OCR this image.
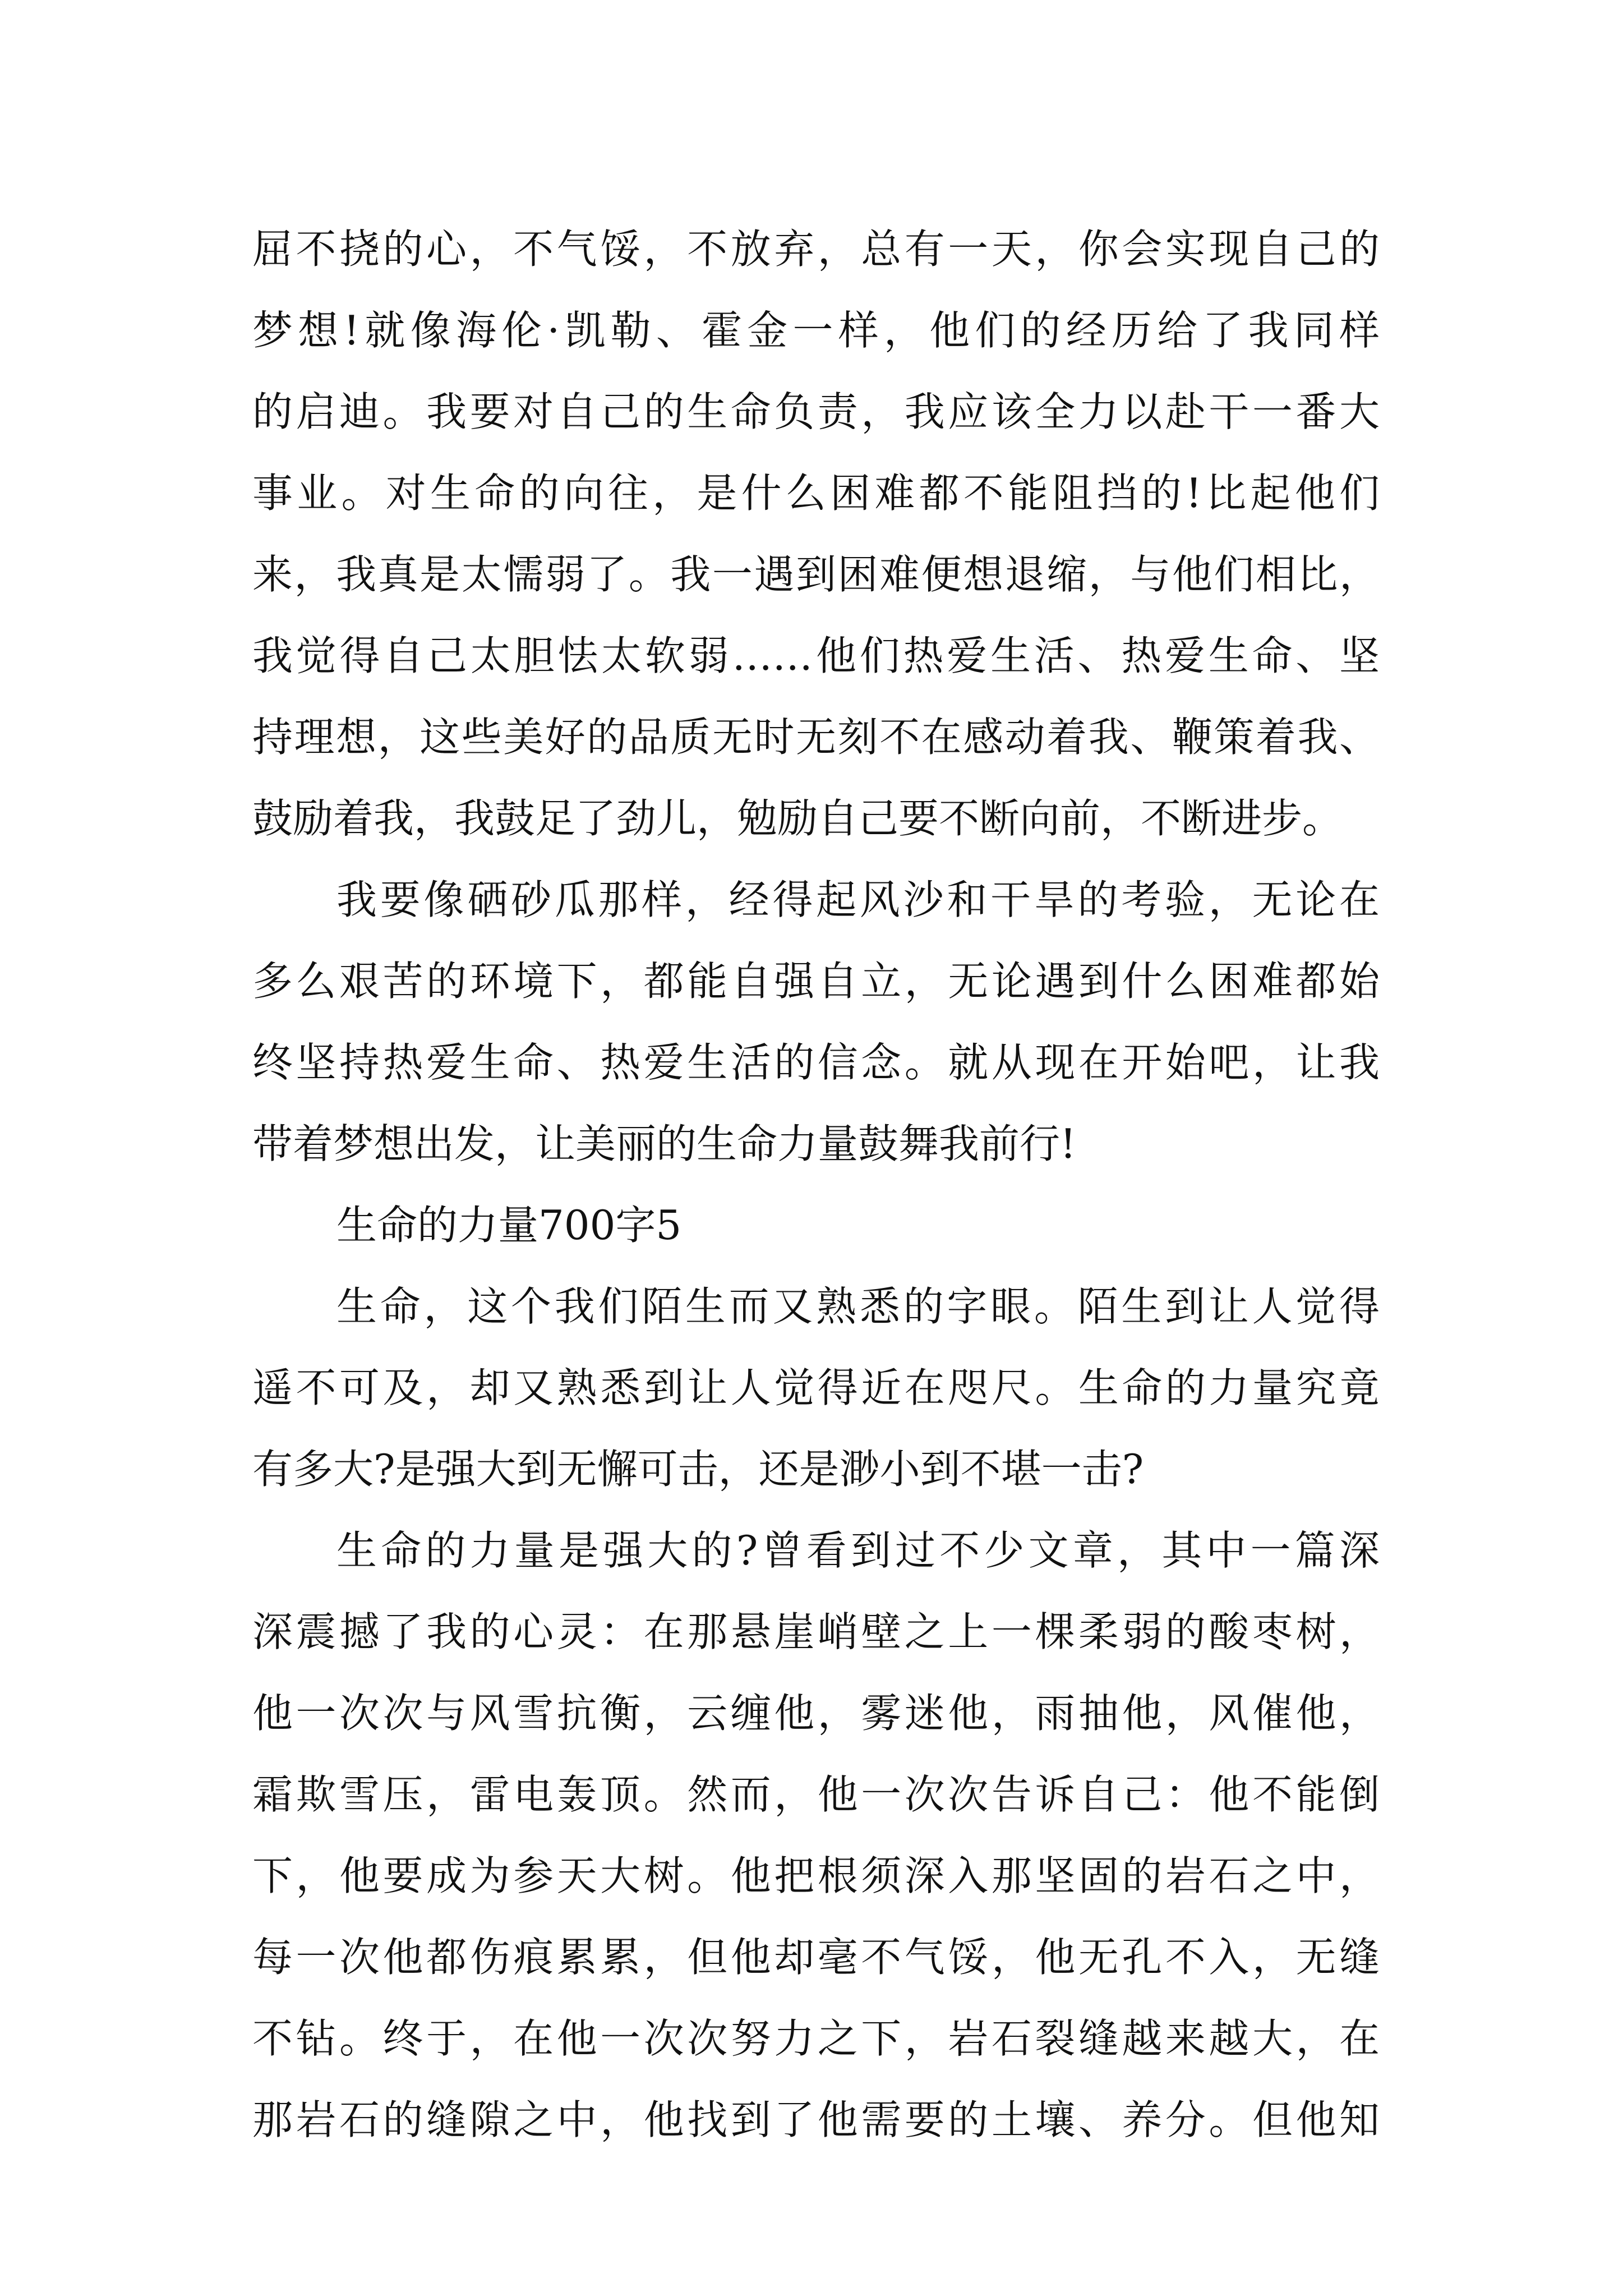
屈不挠的心，不气馁，不放弃，总有一天，你会实现自己的
梦想!就像海伦·凯勒、霍金一样，他们的经历给了我同样
的启迪。我要对自己的生命负责，我应该全力以赴干一番大
事业。对生命的向往，是什么困难都不能阻挡的!比起他们
来，我真是太懦弱了。我一遇到困难便想退缩，与他们相比，
我觉得自己太胆怯太软弱……他们热爱生活、热爱生命、坚
持理想，这些美好的品质无时无刻不在感动着我、鞭策着我、
鼓励着我，我鼓足了劲儿，勉励自己要不断向前，不断进步。
我要像硒砂瓜那样，经得起风沙和干旱的考验，无论在
多么艰苦的环境下，都能自强自立，无论遇到什么困难都始
终坚持热爱生命、热爱生活的信念。就从现在开始吧，让我
带着梦想出发，让美丽的生命力量鼓舞我前行!
生命的力量700字5
生命，这个我们陌生而又熟悉的字眼。陌生到让人觉得
遥不可及，却又熟悉到让人觉得近在咫尺。生命的力量究竟
有多大?是强大到无懈可击，还是渺小到不堪一击?
生命的力量是强大的?曾看到过不少文章，其中一篇深
深震撼了我的心灵：在那悬崖峭壁之上一棵柔弱的酸枣树，
他一次次与风雪抗衡，云缠他，雾迷他，雨抽他，风催他，
霜欺雪压，雷电轰顶。然而，他一次次告诉自己：他不能倒
下，他要成为参天大树。他把根须深入那坚固的岩石之中，
每一次他都伤痕累累，但他却毫不气馁，他无孔不入，无缝
不钻。终于，在他一次次努力之下，岩石裂缝越来越大，在
那岩石的缝隙之中，他找到了他需要的土壤、养分。但他知
